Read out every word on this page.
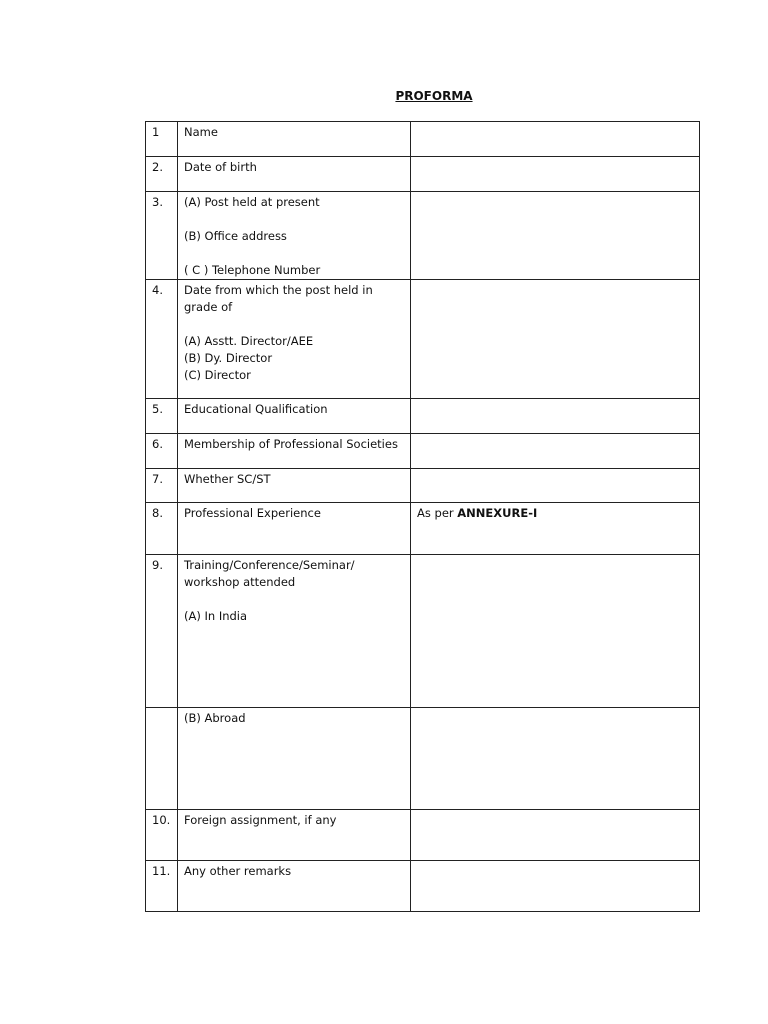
PROFORMA
1	Name	
2.	Date of birth	
3.	(A) Post held at present
(B) Office address
( C ) Telephone Number	

4.	Date from which the post held in grade of
(A) Asstt. Director/AEE
(B) Dy. Director
(C) Director	

5.	Educational Qualification	
6.	Membership of Professional Societies	
7.	Whether SC/ST	
8.	Professional Experience	As per ANNEXURE-I
9.	Training/Conference/Seminar/ workshop attended
(A) In India	

	(B) Abroad	
10.	Foreign assignment, if any	
11.	Any other remarks	
